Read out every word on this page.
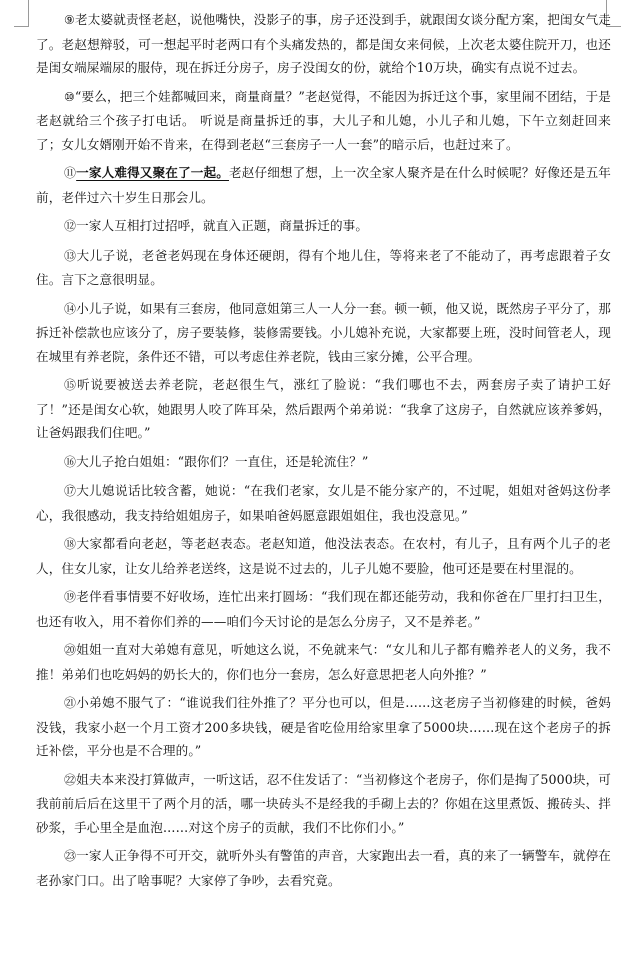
⑨老太婆就责怪老赵，说他嘴快，没影子的事，房子还没到手，就跟闺女谈分配方案，把闺女气走了。老赵想辩驳，可一想起平时老两口有个头痛发热的，都是闺女来伺候，上次老太婆住院开刀，也还是闺女端屎端尿的服侍，现在拆迁分房子，房子没闺女的份，就给个10万块，确实有点说不过去。

⑩“要么，把三个娃都喊回来，商量商量？”老赵觉得，不能因为拆迁这个事，家里闹不团结，于是老赵就给三个孩子打电话。 听说是商量拆迁的事，大儿子和儿媳，小儿子和儿媳，下午立刻赶回来了；女儿女婿刚开始不肯来，在得到老赵“三套房子一人一套”的暗示后，也赶过来了。

⑪一家人难得又聚在了一起。老赵仔细想了想，上一次全家人聚齐是在什么时候呢？好像还是五年前，老伴过六十岁生日那会儿。

⑫一家人互相打过招呼，就直入正题，商量拆迁的事。

⑬大儿子说，老爸老妈现在身体还硬朗，得有个地儿住，等将来老了不能动了，再考虑跟着子女住。言下之意很明显。

⑭小儿子说，如果有三套房，他同意姐第三人一人分一套。顿一顿，他又说，既然房子平分了，那拆迁补偿款也应该分了，房子要装修，装修需要钱。小儿媳补充说，大家都要上班，没时间管老人，现在城里有养老院，条件还不错，可以考虑住养老院，钱由三家分摊，公平合理。

⑮听说要被送去养老院，老赵很生气，涨红了脸说：“我们哪也不去，两套房子卖了请护工好了！”还是闺女心软，她跟男人咬了阵耳朵，然后跟两个弟弟说：“我拿了这房子，自然就应该养爹妈，让爸妈跟我们住吧。”

⑯大儿子抢白姐姐：“跟你们？一直住，还是轮流住？”

⑰大儿媳说话比较含蓄，她说：“在我们老家，女儿是不能分家产的，不过呢，姐姐对爸妈这份孝心，我很感动，我支持给姐姐房子，如果咱爸妈愿意跟姐姐住，我也没意见。”

⑱大家都看向老赵，等老赵表态。老赵知道，他没法表态。在农村，有儿子，且有两个儿子的老人，住女儿家，让女儿给养老送终，这是说不过去的，儿子儿媳不要脸，他可还是要在村里混的。

⑲老伴看事情要不好收场，连忙出来打圆场：“我们现在都还能劳动，我和你爸在厂里打扫卫生，也还有收入，用不着你们养的——咱们今天讨论的是怎么分房子，又不是养老。”

⑳姐姐一直对大弟媳有意见，听她这么说，不免就来气：“女儿和儿子都有赡养老人的义务，我不推！弟弟们也吃妈妈的奶长大的，你们也分一套房，怎么好意思把老人向外推？”

㉑小弟媳不服气了：“谁说我们往外推了？平分也可以，但是……这老房子当初修建的时候，爸妈没钱，我家小赵一个月工资才200多块钱，硬是省吃俭用给家里拿了5000块……现在这个老房子的拆迁补偿，平分也是不合理的。”

㉒姐夫本来没打算做声，一听这话，忍不住发话了：“当初修这个老房子，你们是掏了5000块，可我前前后后在这里干了两个月的活，哪一块砖头不是经我的手砌上去的？你姐在这里煮饭、搬砖头、拌砂浆，手心里全是血泡……对这个房子的贡献，我们不比你们小。”

㉓一家人正争得不可开交，就听外头有警笛的声音，大家跑出去一看，真的来了一辆警车，就停在老孙家门口。出了啥事呢？大家停了争吵，去看究竟。
